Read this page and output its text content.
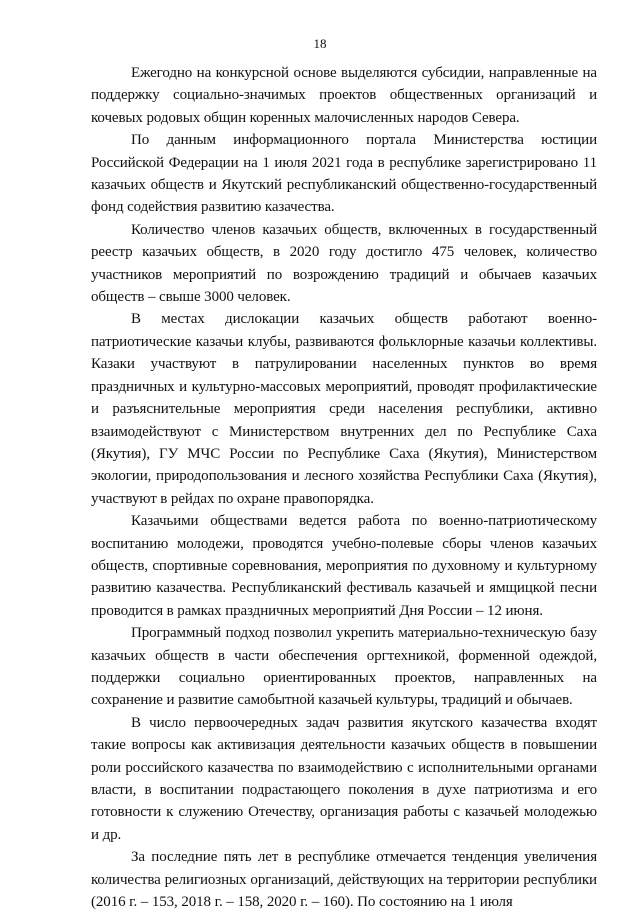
18

Ежегодно на конкурсной основе выделяются субсидии, направленные на поддержку социально-значимых проектов общественных организаций и кочевых родовых общин коренных малочисленных народов Севера.

По данным информационного портала Министерства юстиции Российской Федерации на 1 июля 2021 года в республике зарегистрировано 11 казачьих обществ и Якутский республиканский общественно-государственный фонд содействия развитию казачества.

Количество членов казачьих обществ, включенных в государственный реестр казачьих обществ, в 2020 году достигло 475 человек, количество участников мероприятий по возрождению традиций и обычаев казачьих обществ – свыше 3000 человек.

В местах дислокации казачьих обществ работают военно-патриотические казачьи клубы, развиваются фольклорные казачьи коллективы. Казаки участвуют в патрулировании населенных пунктов во время праздничных и культурно-массовых мероприятий, проводят профилактические и разъяснительные мероприятия среди населения республики, активно взаимодействуют с Министерством внутренних дел по Республике Саха (Якутия), ГУ МЧС России по Республике Саха (Якутия), Министерством экологии, природопользования и лесного хозяйства Республики Саха (Якутия), участвуют в рейдах по охране правопорядка.

Казачьими обществами ведется работа по военно-патриотическому воспитанию молодежи, проводятся учебно-полевые сборы членов казачьих обществ, спортивные соревнования, мероприятия по духовному и культурному развитию казачества. Республиканский фестиваль казачьей и ямщицкой песни проводится в рамках праздничных мероприятий Дня России – 12 июня.

Программный подход позволил укрепить материально-техническую базу казачьих обществ в части обеспечения оргтехникой, форменной одеждой, поддержки социально ориентированных проектов, направленных на сохранение и развитие самобытной казачьей культуры, традиций и обычаев.

В число первоочередных задач развития якутского казачества входят такие вопросы как активизация деятельности казачьих обществ в повышении роли российского казачества по взаимодействию с исполнительными органами власти, в воспитании подрастающего поколения в духе патриотизма и его готовности к служению Отечеству, организация работы с казачьей молодежью и др.

За последние пять лет в республике отмечается тенденция увеличения количества религиозных организаций, действующих на территории республики (2016 г. – 153, 2018 г. – 158, 2020 г. – 160). По состоянию на 1 июля
